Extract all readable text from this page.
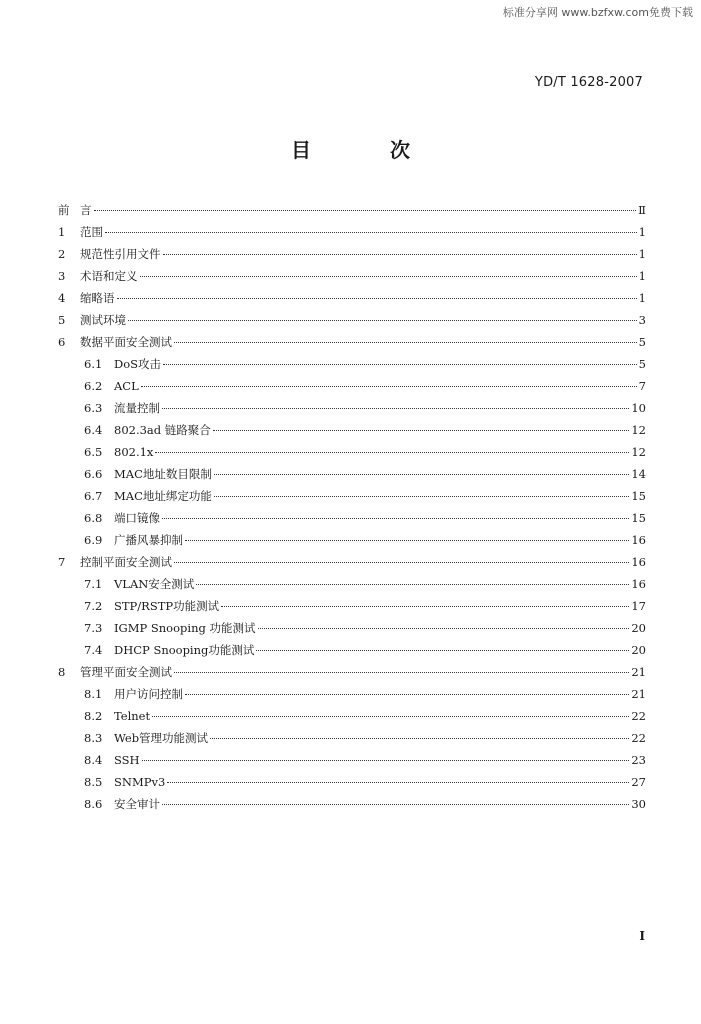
标准分享网 www.bzfxw.com免费下载
YD/T 1628-2007
目 次
前 言	Ⅱ
1	范围	1
2	规范性引用文件	1
3	术语和定义	1
4	缩略语	1
5	测试环境	3
6	数据平面安全测试	5
6.1	DoS攻击	5
6.2	ACL	7
6.3	流量控制	10
6.4	802.3ad 链路聚合	12
6.5	802.1x	12
6.6	MAC地址数目限制	14
6.7	MAC地址绑定功能	15
6.8	端口镜像	15
6.9	广播风暴抑制	16
7	控制平面安全测试	16
7.1	VLAN安全测试	16
7.2	STP/RSTP功能测试	17
7.3	IGMP Snooping 功能测试	20
7.4	DHCP Snooping功能测试	20
8	管理平面安全测试	21
8.1	用户访问控制	21
8.2	Telnet	22
8.3	Web管理功能测试	22
8.4	SSH	23
8.5	SNMPv3	27
8.6	安全审计	30
I
